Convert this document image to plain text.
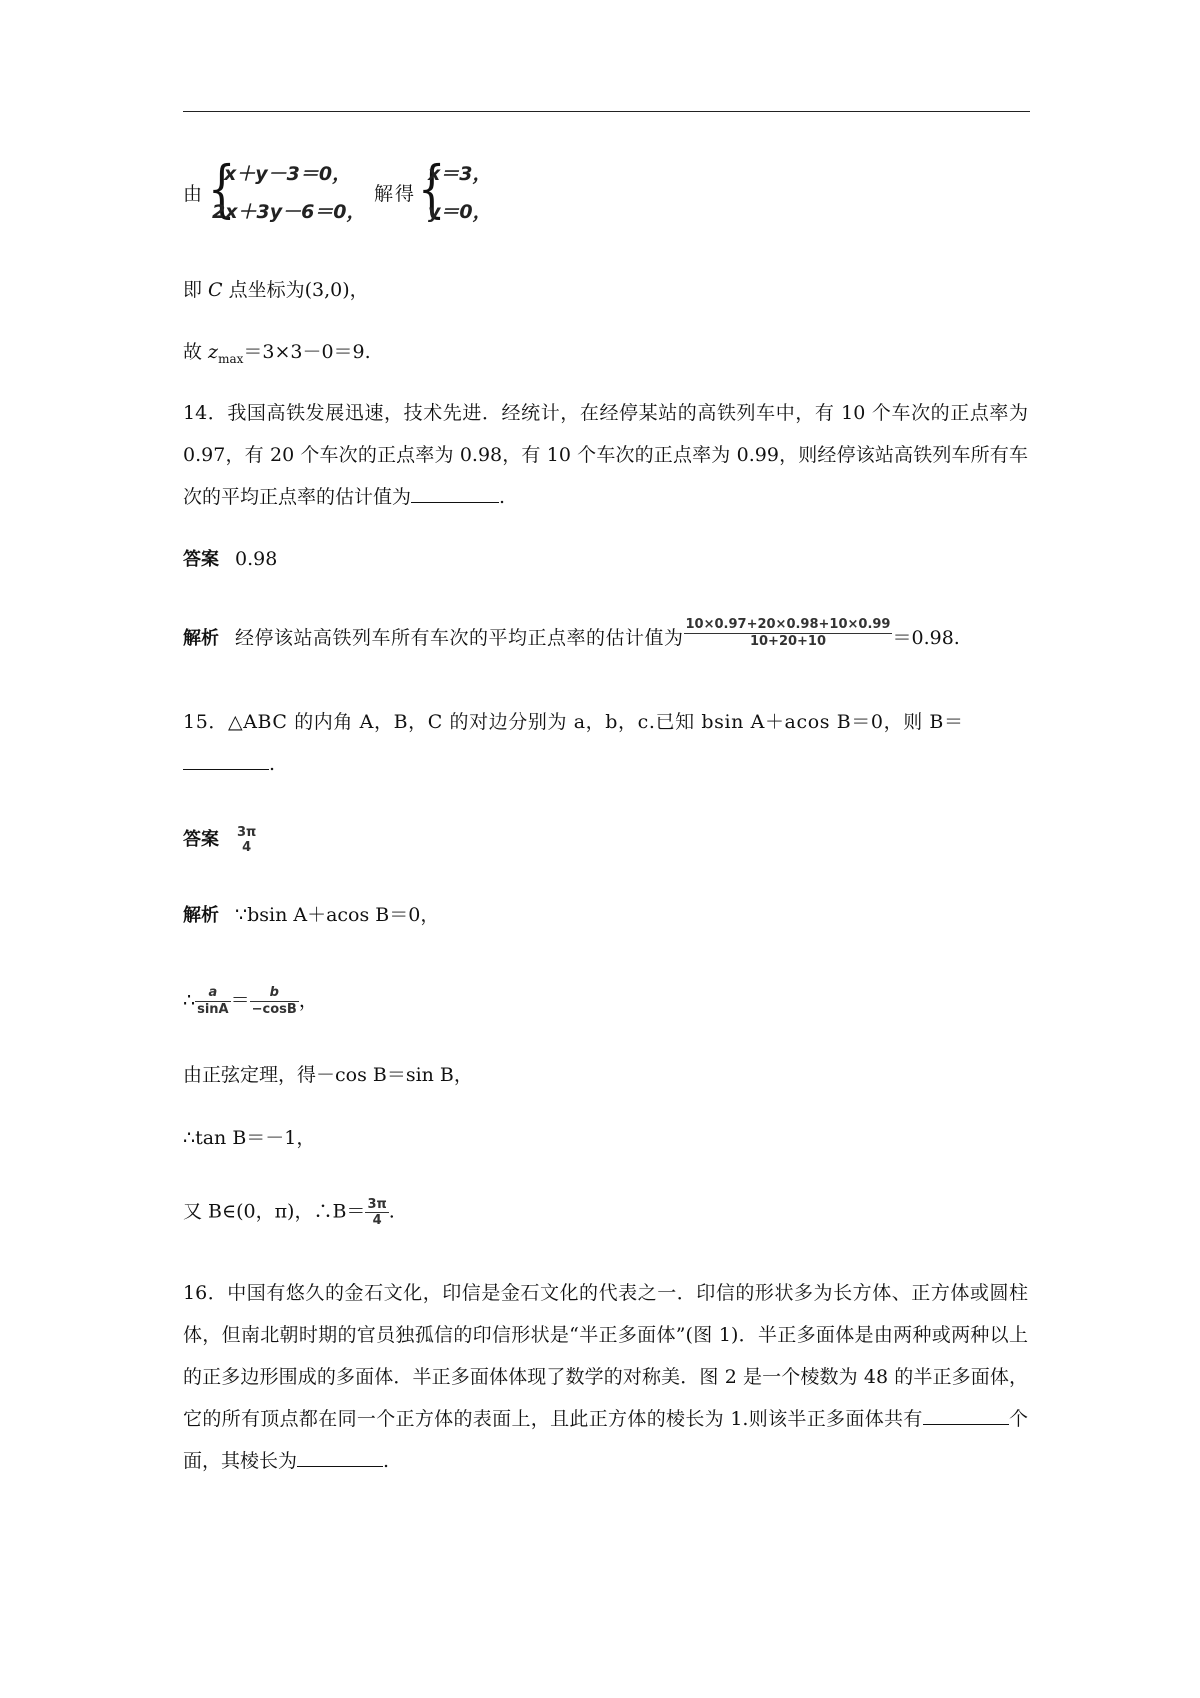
由 {
x＋y－3＝0，
2x＋3y－6＝0，
解得 {
x＝3，
y＝0，
即 C 点坐标为(3,0)，
故 $z_{max}=3\times 3-0=9$.
14．我国高铁发展迅速，技术先进．经统计，在经停某站的高铁列车中，有 10 个车次的正点率为 0.97，有 20 个车次的正点率为 0.98，有 10 个车次的正点率为 0.99，则经停该站高铁列车所有车次的平均正点率的估计值为	.
答案 0.98
解析 经停该站高铁列车所有车次的平均正点率的估计值为 $\frac{10\times 0.97+20\times 0.98+10\times 0.99}{10+20+10} =0.98$.
15．△ABC 的内角 A，B，C 的对边分别为 a，b，c.已知 bsin A＋acos B＝0，则 B＝
.
答案 3π
4
解析 ∵bsin A＋acos B＝0，
∴ $\frac{a}{\sin A} = \frac{b}{-\cos B}$ ，
由正弦定理，得－cos B＝sin B，
∴tan B＝－1，
又 B∈(0，π)，∴B＝ $\frac{3\pi}{4}$ .
16．中国有悠久的金石文化，印信是金石文化的代表之一．印信的形状多为长方体、正方体或圆柱体，但南北朝时期的官员独孤信的印信形状是“半正多面体”(图 1)．半正多面体是由两种或两种以上的正多边形围成的多面体．半正多面体体现了数学的对称美．图 2 是一个棱数为 48 的半正多面体，它的所有顶点都在同一个正方体的表面上，且此正方体的棱长为 1.则该半正多面体共有	个面，其棱长为	.
